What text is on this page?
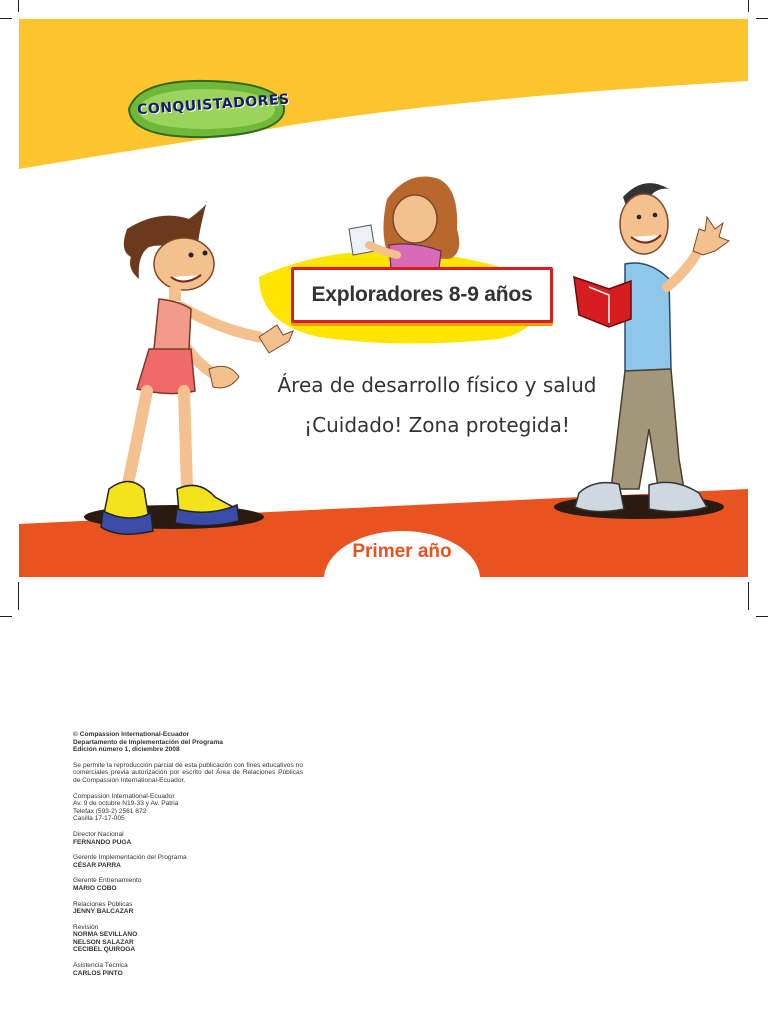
CONQUISTADORES
Exploradores 8-9 años
Área de desarrollo físico y salud
¡Cuidado! Zona protegida!
Primer año
© Compassion International-Ecuador
Departamento de Implementación del Programa
Edición número 1, diciembre 2008
Se permite la reproducción parcial de esta publicación con fines educativos no comerciales previa autorización por escrito del Área de Relaciones Públicas de Compassion International-Ecuador.
Compassion International-Ecuador
Av. 9 de octubre N19-33 y Av. Patria
Telefax (593-2) 2561 872
Casilla 17-17-005
Director Nacional
FERNANDO PUGA
Gerente Implementación del Programa
CÉSAR PARRA
Gerente Entrenamiento
MARIO COBO
Relaciones Públicas
JENNY BALCAZAR
Revisión
NORMA SEVILLANO
NELSON SALAZAR
CECIBEL QUIROGA
Asistencia Técnica
CARLOS PINTO
